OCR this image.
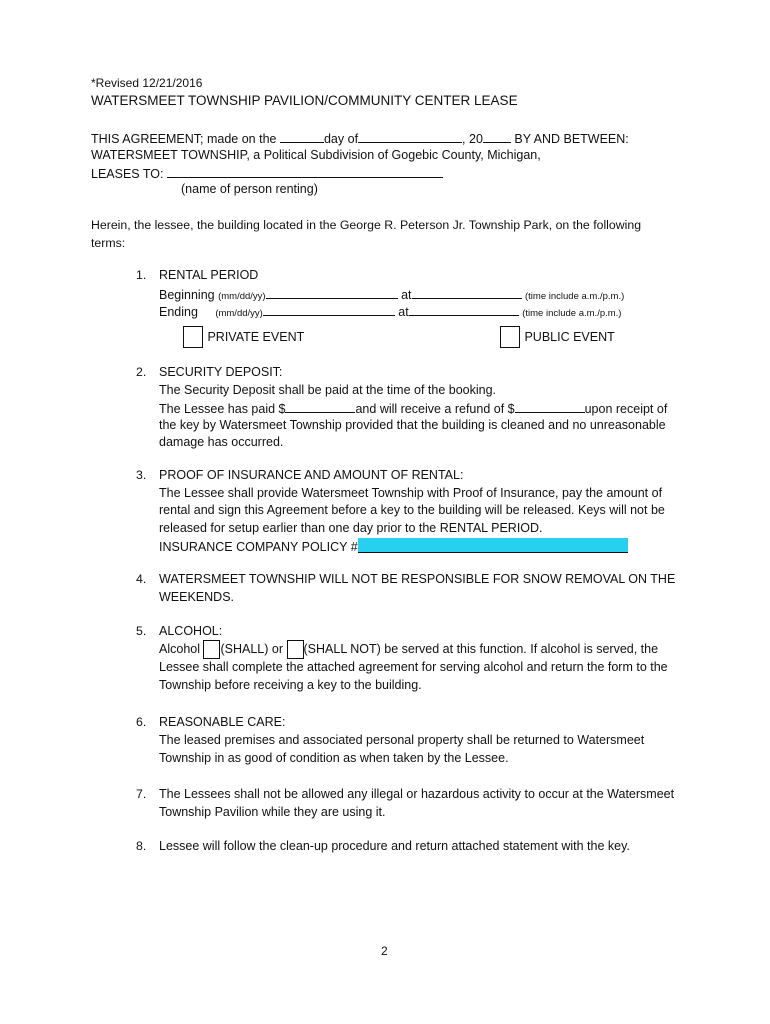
*Revised 12/21/2016
WATERSMEET TOWNSHIP PAVILION/COMMUNITY CENTER LEASE
THIS AGREEMENT; made on the	day of	, 20	BY AND BETWEEN:
WATERSMEET TOWNSHIP, a Political Subdivision of Gogebic County, Michigan,
LEASES TO:
(name of person renting)
Herein, the lessee, the building located in the George R. Peterson Jr. Township Park, on the following terms:
1. RENTAL PERIOD
Beginning (mm/dd/yy)	at	(time include a.m./p.m.)
Ending (mm/dd/yy)	at	(time include a.m./p.m.)
PRIVATE EVENT	PUBLIC EVENT
2. SECURITY DEPOSIT:
The Security Deposit shall be paid at the time of the booking.
The Lessee has paid $	and will receive a refund of $	upon receipt of
the key by Watersmeet Township provided that the building is cleaned and no unreasonable
damage has occurred.
3. PROOF OF INSURANCE AND AMOUNT OF RENTAL:
The Lessee shall provide Watersmeet Township with Proof of Insurance, pay the amount of
rental and sign this Agreement before a key to the building will be released. Keys will not be
released for setup earlier than one day prior to the RENTAL PERIOD.
INSURANCE COMPANY POLICY #
4. WATERSMEET TOWNSHIP WILL NOT BE RESPONSIBLE FOR SNOW REMOVAL ON THE
WEEKENDS.
5. ALCOHOL:
Alcohol (SHALL) or (SHALL NOT) be served at this function. If alcohol is served, the
Lessee shall complete the attached agreement for serving alcohol and return the form to the
Township before receiving a key to the building.
6. REASONABLE CARE:
The leased premises and associated personal property shall be returned to Watersmeet
Township in as good of condition as when taken by the Lessee.
7. The Lessees shall not be allowed any illegal or hazardous activity to occur at the Watersmeet
Township Pavilion while they are using it.
8. Lessee will follow the clean-up procedure and return attached statement with the key.
2
